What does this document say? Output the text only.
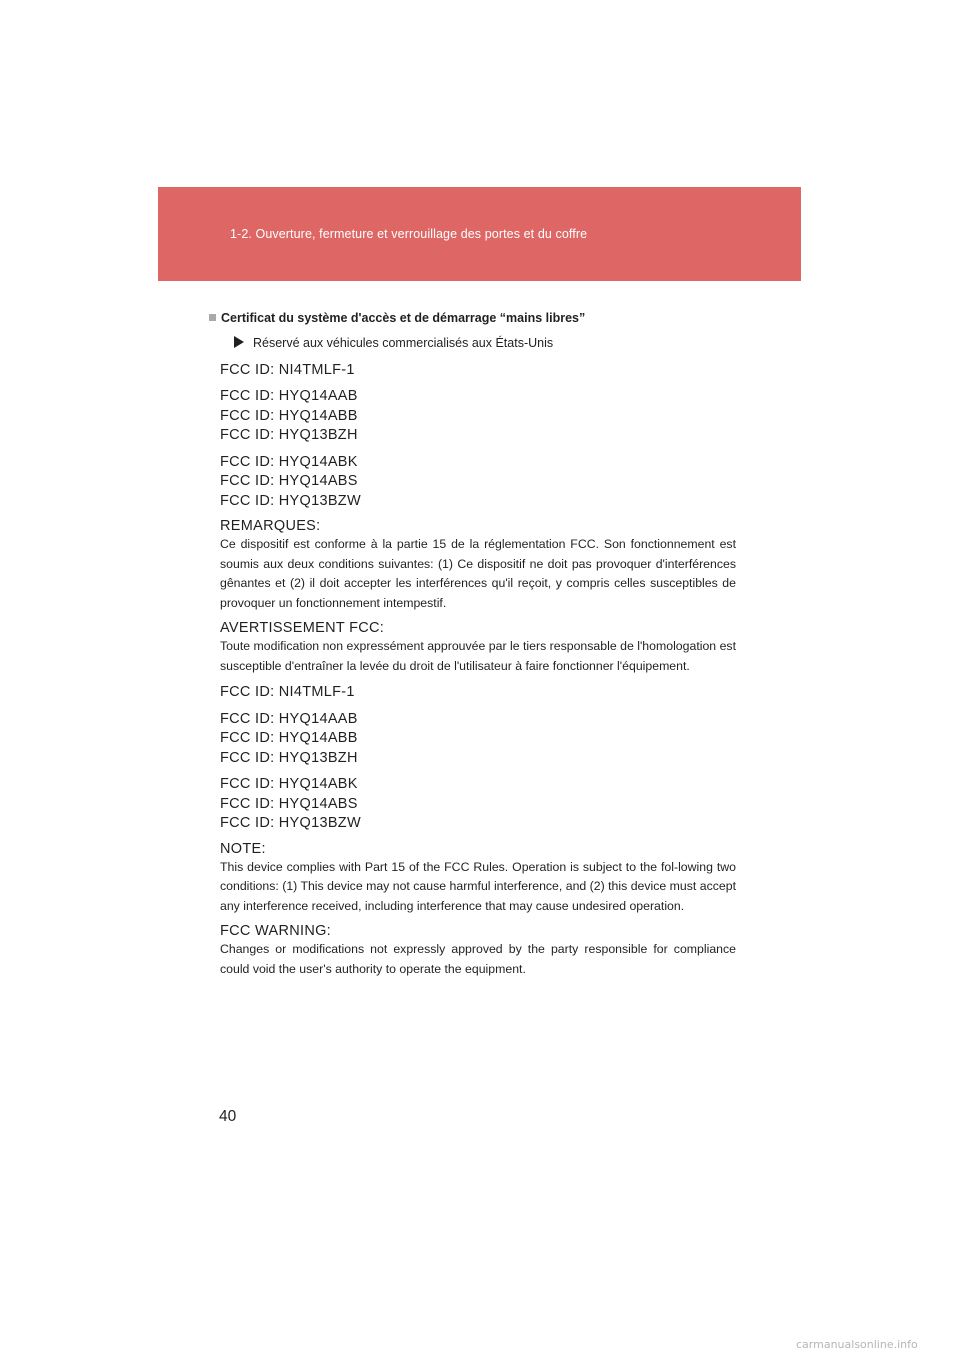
1-2. Ouverture, fermeture et verrouillage des portes et du coffre
Certificat du système d'accès et de démarrage “mains libres”
Réservé aux véhicules commercialisés aux États-Unis
FCC ID: NI4TMLF-1
FCC ID: HYQ14AAB
FCC ID: HYQ14ABB
FCC ID: HYQ13BZH
FCC ID: HYQ14ABK
FCC ID: HYQ14ABS
FCC ID: HYQ13BZW
REMARQUES:
Ce dispositif est conforme à la partie 15 de la réglementation FCC. Son fonctionnement est soumis aux deux conditions suivantes: (1) Ce dispositif ne doit pas provoquer d'interférences gênantes et (2) il doit accepter les interférences qu'il reçoit, y compris celles susceptibles de provoquer un fonctionnement intempestif.
AVERTISSEMENT FCC:
Toute modification non expressément approuvée par le tiers responsable de l'homologation est susceptible d'entraîner la levée du droit de l'utilisateur à faire fonctionner l'équipement.
FCC ID: NI4TMLF-1
FCC ID: HYQ14AAB
FCC ID: HYQ14ABB
FCC ID: HYQ13BZH
FCC ID: HYQ14ABK
FCC ID: HYQ14ABS
FCC ID: HYQ13BZW
NOTE:
This device complies with Part 15 of the FCC Rules. Operation is subject to the fol-lowing two conditions: (1) This device may not cause harmful interference, and (2) this device must accept any interference received, including interference that may cause undesired operation.
FCC WARNING:
Changes or modifications not expressly approved by the party responsible for compliance could void the user's authority to operate the equipment.
40
carmanualsonline.info
